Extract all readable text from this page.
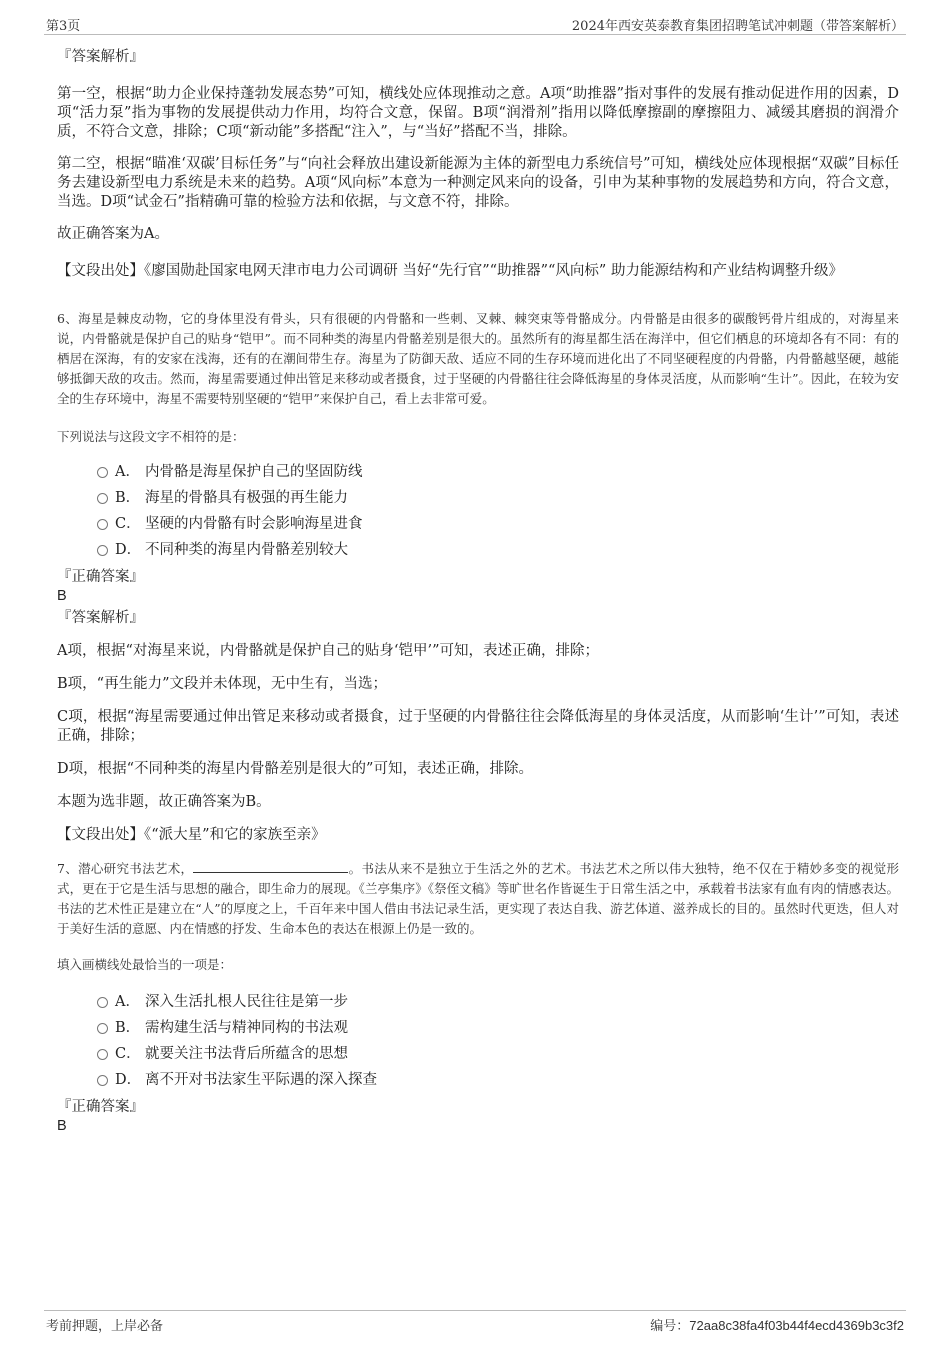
第3页	2024年西安英泰教育集团招聘笔试冲刺题（带答案解析）
『答案解析』

第一空，根据“助力企业保持蓬勃发展态势”可知，横线处应体现推动之意。A项“助推器”指对事件的发展有推动促进作用的因素，D项“活力泵”指为事物的发展提供动力作用，均符合文意，保留。B项“润滑剂”指用以降低摩擦副的摩擦阻力、减缓其磨损的润滑介质，不符合文意，排除；C项“新动能”多搭配“注入”，与“当好”搭配不当，排除。

第二空，根据“瞄准‘双碳’目标任务”与“向社会释放出建设新能源为主体的新型电力系统信号”可知，横线处应体现根据“双碳”目标任务去建设新型电力系统是未来的趋势。A项“风向标”本意为一种测定风来向的设备，引申为某种事物的发展趋势和方向，符合文意，当选。D项“试金石”指精确可靠的检验方法和依据，与文意不符，排除。

故正确答案为A。

【文段出处】《廖国勋赴国家电网天津市电力公司调研 当好“先行官”“助推器”“风向标” 助力能源结构和产业结构调整升级》

6、海星是棘皮动物，它的身体里没有骨头，只有很硬的内骨骼和一些刺、叉棘、棘突束等骨骼成分。内骨骼是由很多的碳酸钙骨片组成的，对海星来说，内骨骼就是保护自己的贴身“铠甲”。而不同种类的海星内骨骼差别是很大的。虽然所有的海星都生活在海洋中，但它们栖息的环境却各有不同：有的栖居在深海，有的安家在浅海，还有的在潮间带生存。海星为了防御天敌、适应不同的生存环境而进化出了不同坚硬程度的内骨骼，内骨骼越坚硬，越能够抵御天敌的攻击。然而，海星需要通过伸出管足来移动或者摄食，过于坚硬的内骨骼往往会降低海星的身体灵活度，从而影响“生计”。因此，在较为安全的生存环境中，海星不需要特别坚硬的“铠甲”来保护自己，看上去非常可爱。

下列说法与这段文字不相符的是：

A． 内骨骼是海星保护自己的坚固防线
B． 海星的骨骼具有极强的再生能力
C． 坚硬的内骨骼有时会影响海星进食
D． 不同种类的海星内骨骼差别较大
『正确答案』
B
『答案解析』

A项，根据“对海星来说，内骨骼就是保护自己的贴身‘铠甲’”可知，表述正确，排除；

B项，“再生能力”文段并未体现，无中生有，当选；

C项，根据“海星需要通过伸出管足来移动或者摄食，过于坚硬的内骨骼往往会降低海星的身体灵活度，从而影响‘生计’”可知，表述正确，排除；

D项，根据“不同种类的海星内骨骼差别是很大的”可知，表述正确，排除。

本题为选非题，故正确答案为B。

【文段出处】《“派大星”和它的家族至亲》

7、潜心研究书法艺术，	。书法从来不是独立于生活之外的艺术。书法艺术之所以伟大独特，绝不仅在于精妙多变的视觉形式，更在于它是生活与思想的融合，即生命力的展现。《兰亭集序》《祭侄文稿》等旷世名作皆诞生于日常生活之中，承载着书法家有血有肉的情感表达。书法的艺术性正是建立在“人”的厚度之上，千百年来中国人借由书法记录生活，更实现了表达自我、游艺体道、滋养成长的目的。虽然时代更迭，但人对于美好生活的意愿、内在情感的抒发、生命本色的表达在根源上仍是一致的。

填入画横线处最恰当的一项是：

A． 深入生活扎根人民往往是第一步
B． 需构建生活与精神同构的书法观
C． 就要关注书法背后所蕴含的思想
D． 离不开对书法家生平际遇的深入探查
『正确答案』
B
考前押题，上岸必备	编号：72aa8c38fa4f03b44f4ecd4369b3c3f2
